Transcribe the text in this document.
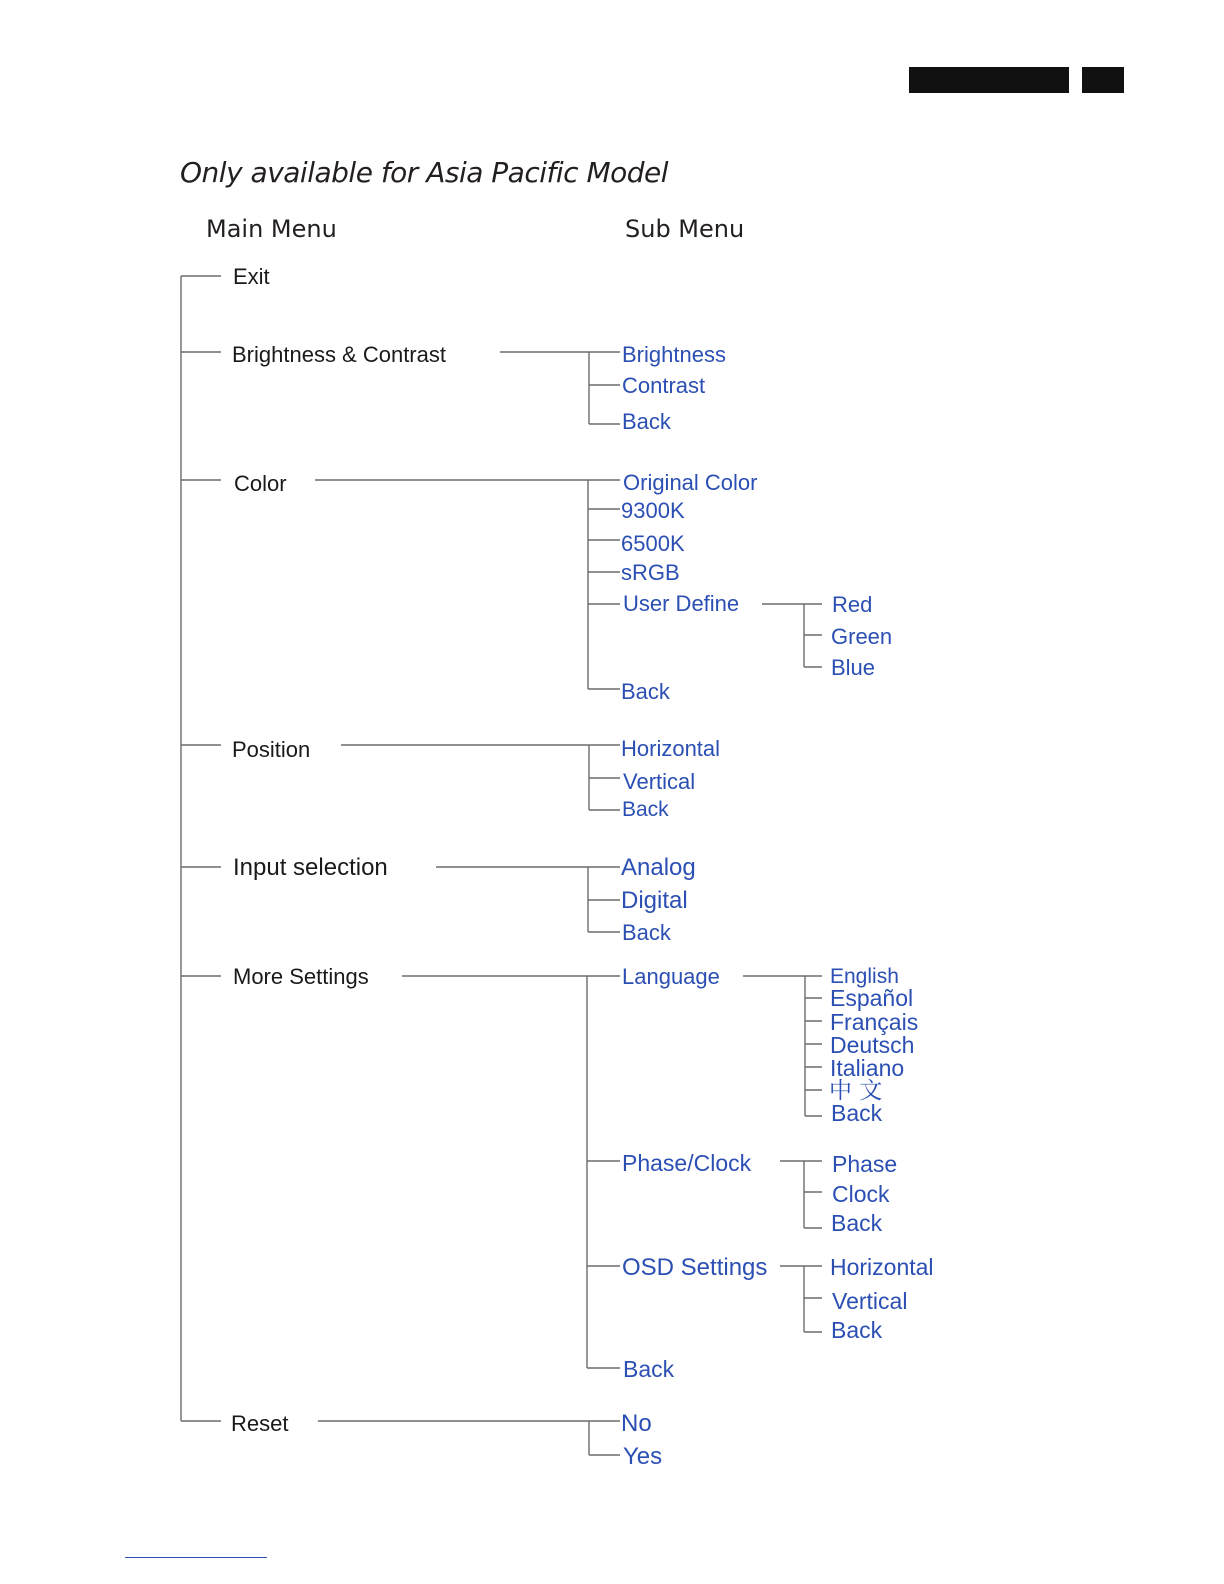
Only available for Asia Pacific Model
Main Menu	Sub Menu
Exit
Brightness & Contrast
Color
Position
Input selection
More Settings
Reset
Brightness
Contrast
Back
Original Color
9300K
6500K
sRGB
User Define
Back
Red
Green
Blue
Horizontal
Vertical
Back
Analog
Digital
Back
Language
Phase/Clock
OSD Settings
Back
English
Español
Français
Deutsch
Italiano
中 文
Back
Phase
Clock
Back
Horizontal
Vertical
Back
No
Yes
